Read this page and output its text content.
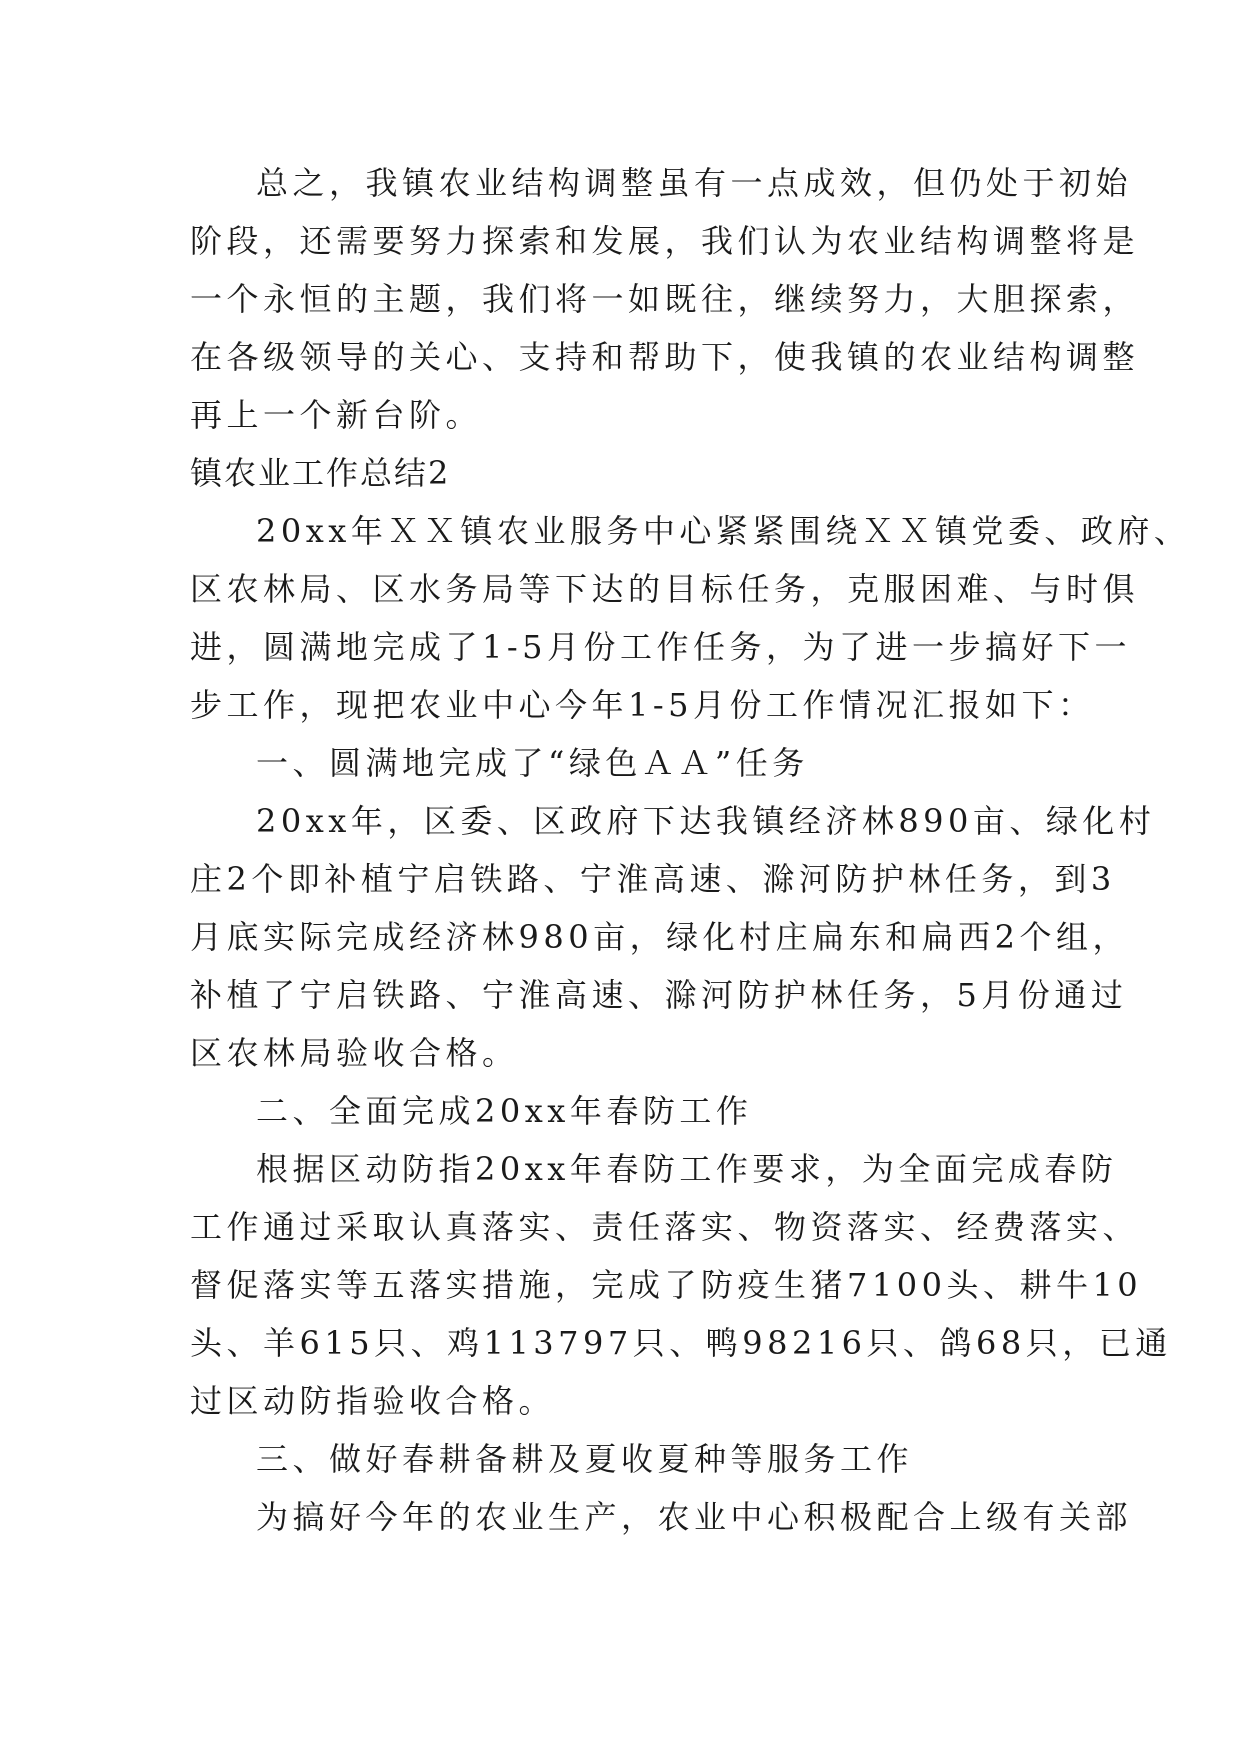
总之，我镇农业结构调整虽有一点成效，但仍处于初始
阶段，还需要努力探索和发展，我们认为农业结构调整将是
一个永恒的主题，我们将一如既往，继续努力，大胆探索，
在各级领导的关心、支持和帮助下，使我镇的农业结构调整
再上一个新台阶。
镇农业工作总结2
20xx年ＸＸ镇农业服务中心紧紧围绕ＸＸ镇党委、政府、
区农林局、区水务局等下达的目标任务，克服困难、与时俱
进，圆满地完成了1-5月份工作任务，为了进一步搞好下一
步工作，现把农业中心今年1-5月份工作情况汇报如下：
一、圆满地完成了“绿色ＡＡ”任务
20xx年，区委、区政府下达我镇经济林890亩、绿化村
庄2个即补植宁启铁路、宁淮高速、滁河防护林任务，到3
月底实际完成经济林980亩，绿化村庄扁东和扁西2个组，
补植了宁启铁路、宁淮高速、滁河防护林任务，5月份通过
区农林局验收合格。
二、全面完成20xx年春防工作
根据区动防指20xx年春防工作要求，为全面完成春防
工作通过采取认真落实、责任落实、物资落实、经费落实、
督促落实等五落实措施，完成了防疫生猪7100头、耕牛10
头、羊615只、鸡113797只、鸭98216只、鸽68只，已通
过区动防指验收合格。
三、做好春耕备耕及夏收夏种等服务工作
为搞好今年的农业生产，农业中心积极配合上级有关部
